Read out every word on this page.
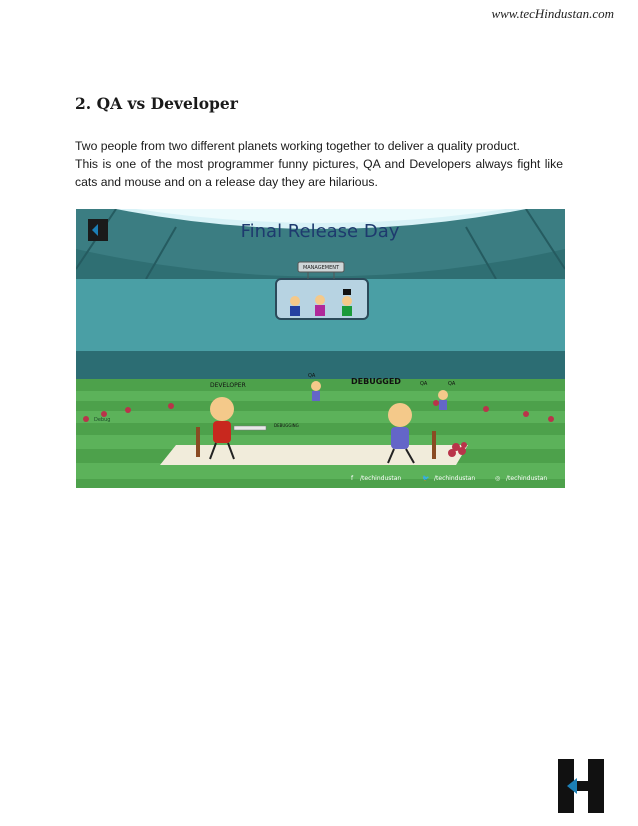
www.tecHindustan.com
2. QA vs Developer

Two people from two different planets working together to deliver a quality product.

This is one of the most programmer funny pictures, QA and Developers always fight like cats and mouse and on a release day they are hilarious.

Final Release Day
MANAGEMENT
DEVELOPER	DEBUGGED
QA
QA	QA
DEBUGGING
Debug
f /techindustan	🐦 /techindustan	◎ /techindustan
